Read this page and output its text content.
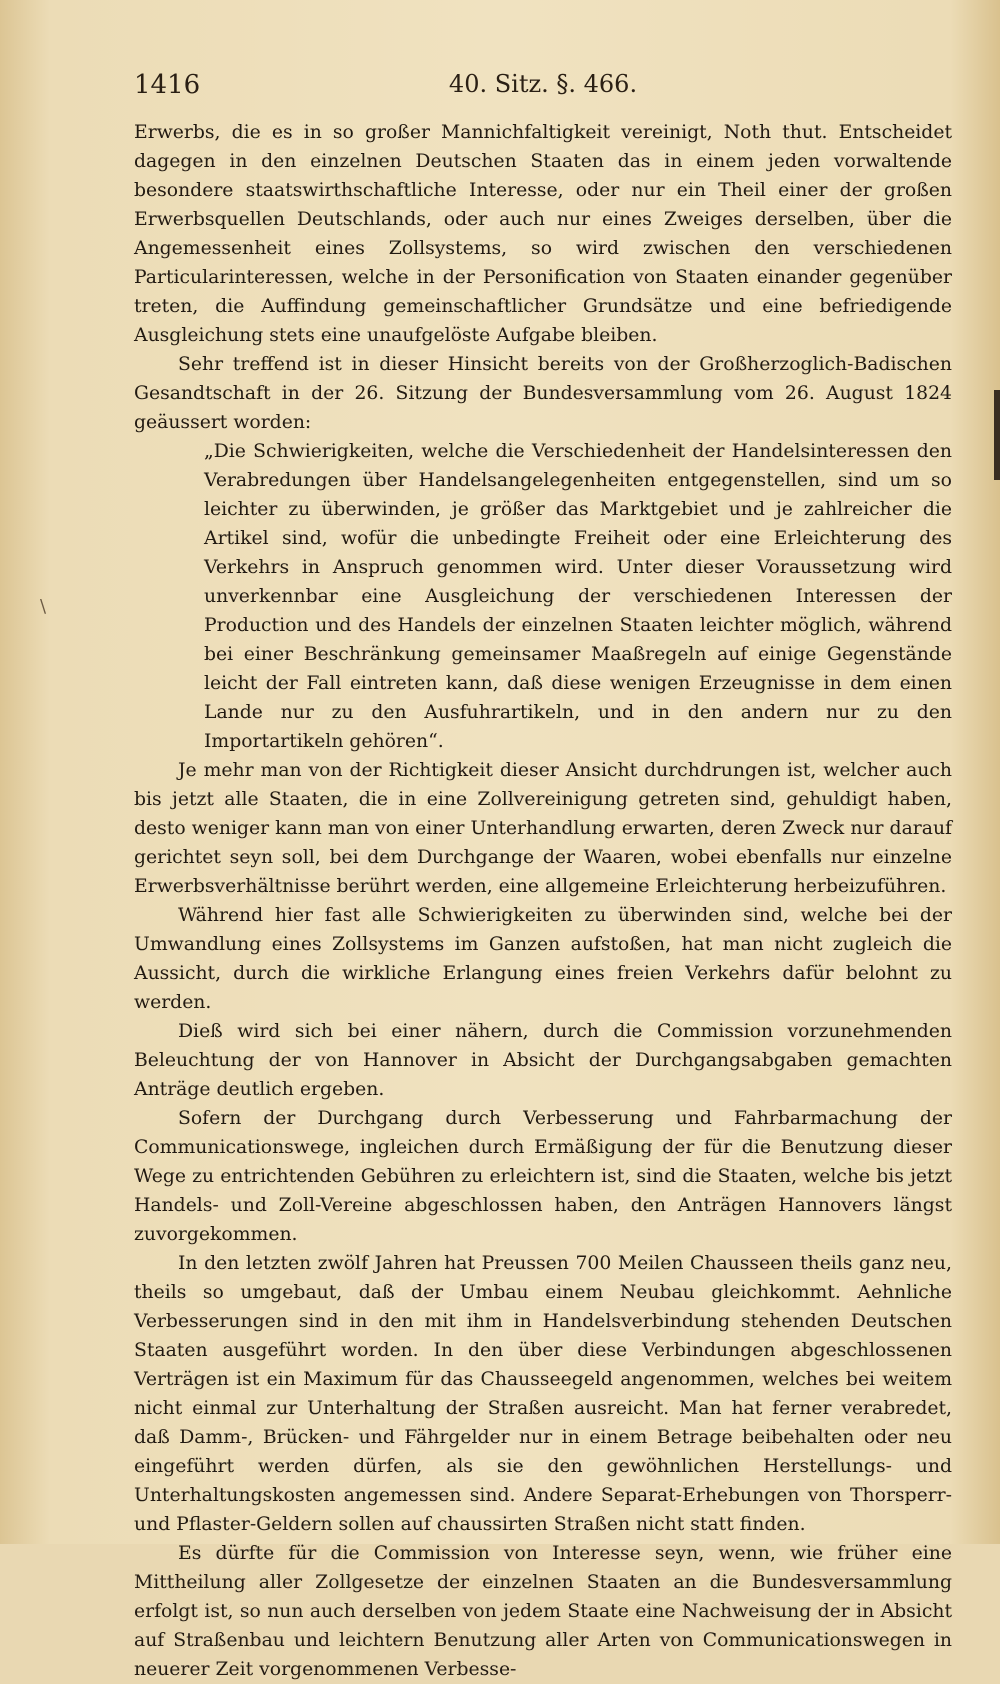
1416	40. Sitz. §. 466.
\

Erwerbs, die es in so großer Mannichfaltigkeit vereinigt, Noth thut. Entscheidet dagegen in den einzelnen Deutschen Staaten das in einem jeden vorwaltende besondere staatswirthschaftliche Interesse, oder nur ein Theil einer der großen Erwerbsquellen Deutschlands, oder auch nur eines Zweiges derselben, über die Angemessenheit eines Zollsystems, so wird zwischen den verschiedenen Particularinteressen, welche in der Personification von Staaten einander gegenüber treten, die Auffindung gemeinschaftlicher Grundsätze und eine befriedigende Ausgleichung stets eine unaufgelöste Aufgabe bleiben.

Sehr treffend ist in dieser Hinsicht bereits von der Großherzoglich-Badischen Gesandtschaft in der 26. Sitzung der Bundesversammlung vom 26. August 1824 geäussert worden:

„Die Schwierigkeiten, welche die Verschiedenheit der Handelsinteressen den Verabredungen über Handelsangelegenheiten entgegenstellen, sind um so leichter zu überwinden, je größer das Marktgebiet und je zahlreicher die Artikel sind, wofür die unbedingte Freiheit oder eine Erleichterung des Verkehrs in Anspruch genommen wird. Unter dieser Voraussetzung wird unverkennbar eine Ausgleichung der verschiedenen Interessen der Production und des Handels der einzelnen Staaten leichter möglich, während bei einer Beschränkung gemeinsamer Maaßregeln auf einige Gegenstände leicht der Fall eintreten kann, daß diese wenigen Erzeugnisse in dem einen Lande nur zu den Ausfuhrartikeln, und in den andern nur zu den Importartikeln gehören“.

Je mehr man von der Richtigkeit dieser Ansicht durchdrungen ist, welcher auch bis jetzt alle Staaten, die in eine Zollvereinigung getreten sind, gehuldigt haben, desto weniger kann man von einer Unterhandlung erwarten, deren Zweck nur darauf gerichtet seyn soll, bei dem Durchgange der Waaren, wobei ebenfalls nur einzelne Erwerbsverhältnisse berührt werden, eine allgemeine Erleichterung herbeizuführen.

Während hier fast alle Schwierigkeiten zu überwinden sind, welche bei der Umwandlung eines Zollsystems im Ganzen aufstoßen, hat man nicht zugleich die Aussicht, durch die wirkliche Erlangung eines freien Verkehrs dafür belohnt zu werden.

Dieß wird sich bei einer nähern, durch die Commission vorzunehmenden Beleuchtung der von Hannover in Absicht der Durchgangsabgaben gemachten Anträge deutlich ergeben.

Sofern der Durchgang durch Verbesserung und Fahrbarmachung der Communicationswege, ingleichen durch Ermäßigung der für die Benutzung dieser Wege zu entrichtenden Gebühren zu erleichtern ist, sind die Staaten, welche bis jetzt Handels- und Zoll-Vereine abgeschlossen haben, den Anträgen Hannovers längst zuvorgekommen.

In den letzten zwölf Jahren hat Preussen 700 Meilen Chausseen theils ganz neu, theils so umgebaut, daß der Umbau einem Neubau gleichkommt. Aehnliche Verbesserungen sind in den mit ihm in Handelsverbindung stehenden Deutschen Staaten ausgeführt worden. In den über diese Verbindungen abgeschlossenen Verträgen ist ein Maximum für das Chausseegeld angenommen, welches bei weitem nicht einmal zur Unterhaltung der Straßen ausreicht. Man hat ferner verabredet, daß Damm-, Brücken- und Fährgelder nur in einem Betrage beibehalten oder neu eingeführt werden dürfen, als sie den gewöhnlichen Herstellungs- und Unterhaltungskosten angemessen sind. Andere Separat-Erhebungen von Thorsperr- und Pflaster-Geldern sollen auf chaussirten Straßen nicht statt finden.

Es dürfte für die Commission von Interesse seyn, wenn, wie früher eine Mittheilung aller Zollgesetze der einzelnen Staaten an die Bundesversammlung erfolgt ist, so nun auch derselben von jedem Staate eine Nachweisung der in Absicht auf Straßenbau und leichtern Benutzung aller Arten von Communicationswegen in neuerer Zeit vorgenommenen Verbesse-
